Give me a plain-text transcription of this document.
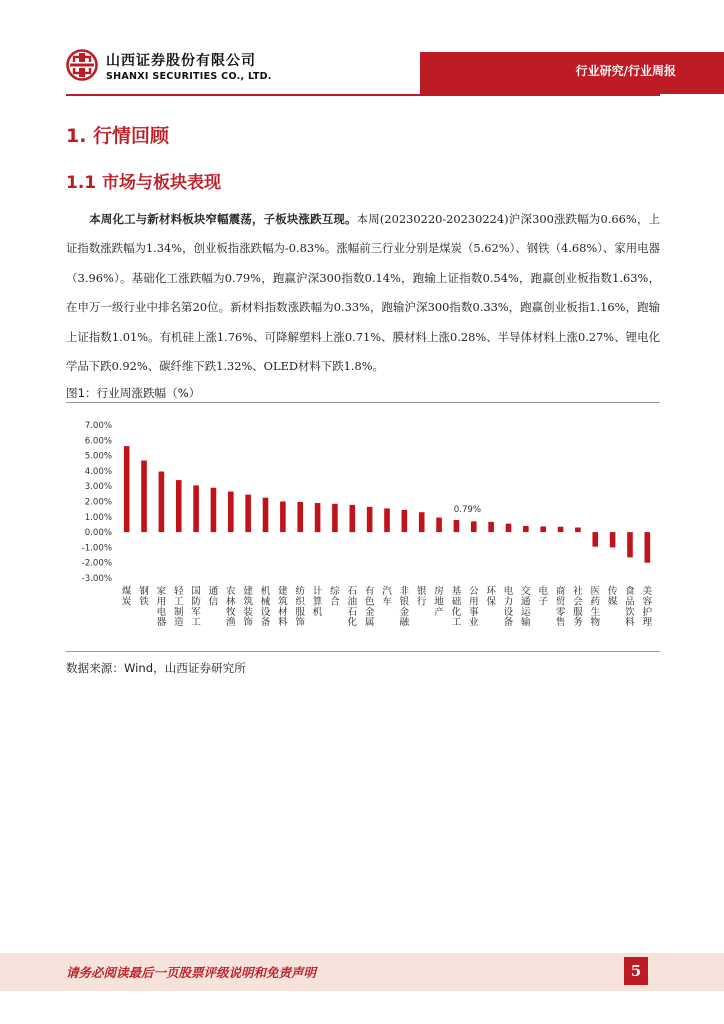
山西证券股份有限公司
SHANXI SECURITIES CO., LTD.	行业研究/行业周报
1. 行情回顾
1.1 市场与板块表现
本周化工与新材料板块窄幅震荡，子板块涨跌互现。本周(20230220-20230224)沪深300涨跌幅为0.66%，上证指数涨跌幅为1.34%，创业板指涨跌幅为-0.83%。涨幅前三行业分别是煤炭（5.62%）、钢铁（4.68%）、家用电器（3.96%）。基础化工涨跌幅为0.79%，跑赢沪深300指数0.14%，跑输上证指数0.54%，跑赢创业板指数1.63%，在申万一级行业中排名第20位。新材料指数涨跌幅为0.33%，跑输沪深300指数0.33%，跑赢创业板指1.16%，跑输上证指数1.01%。有机硅上涨1.76%、可降解塑料上涨0.71%、膜材料上涨0.28%、半导体材料上涨0.27%、锂电化学品下跌0.92%、碳纤维下跌1.32%、OLED材料下跌1.8%。
图1：行业周涨跌幅（%）
7.00%
6.00%
5.00%
4.00%
3.00%
2.00%
1.00%
0.00%
-1.00%
-2.00%
-3.00%
煤炭
钢铁
家用电器
轻工制造
国防军工
通信
农林牧渔
建筑装饰
机械设备
建筑材料
纺织服饰
计算机
综合
石油石化
有色金属
汽车
非银金融
银行
房地产
基础化工
公用事业
环保
电力设备
交通运输
电子
商贸零售
社会服务
医药生物
传媒
食品饮料
美容护理
0.79%
数据来源：Wind，山西证券研究所
请务必阅读最后一页股票评级说明和免责声明	5
